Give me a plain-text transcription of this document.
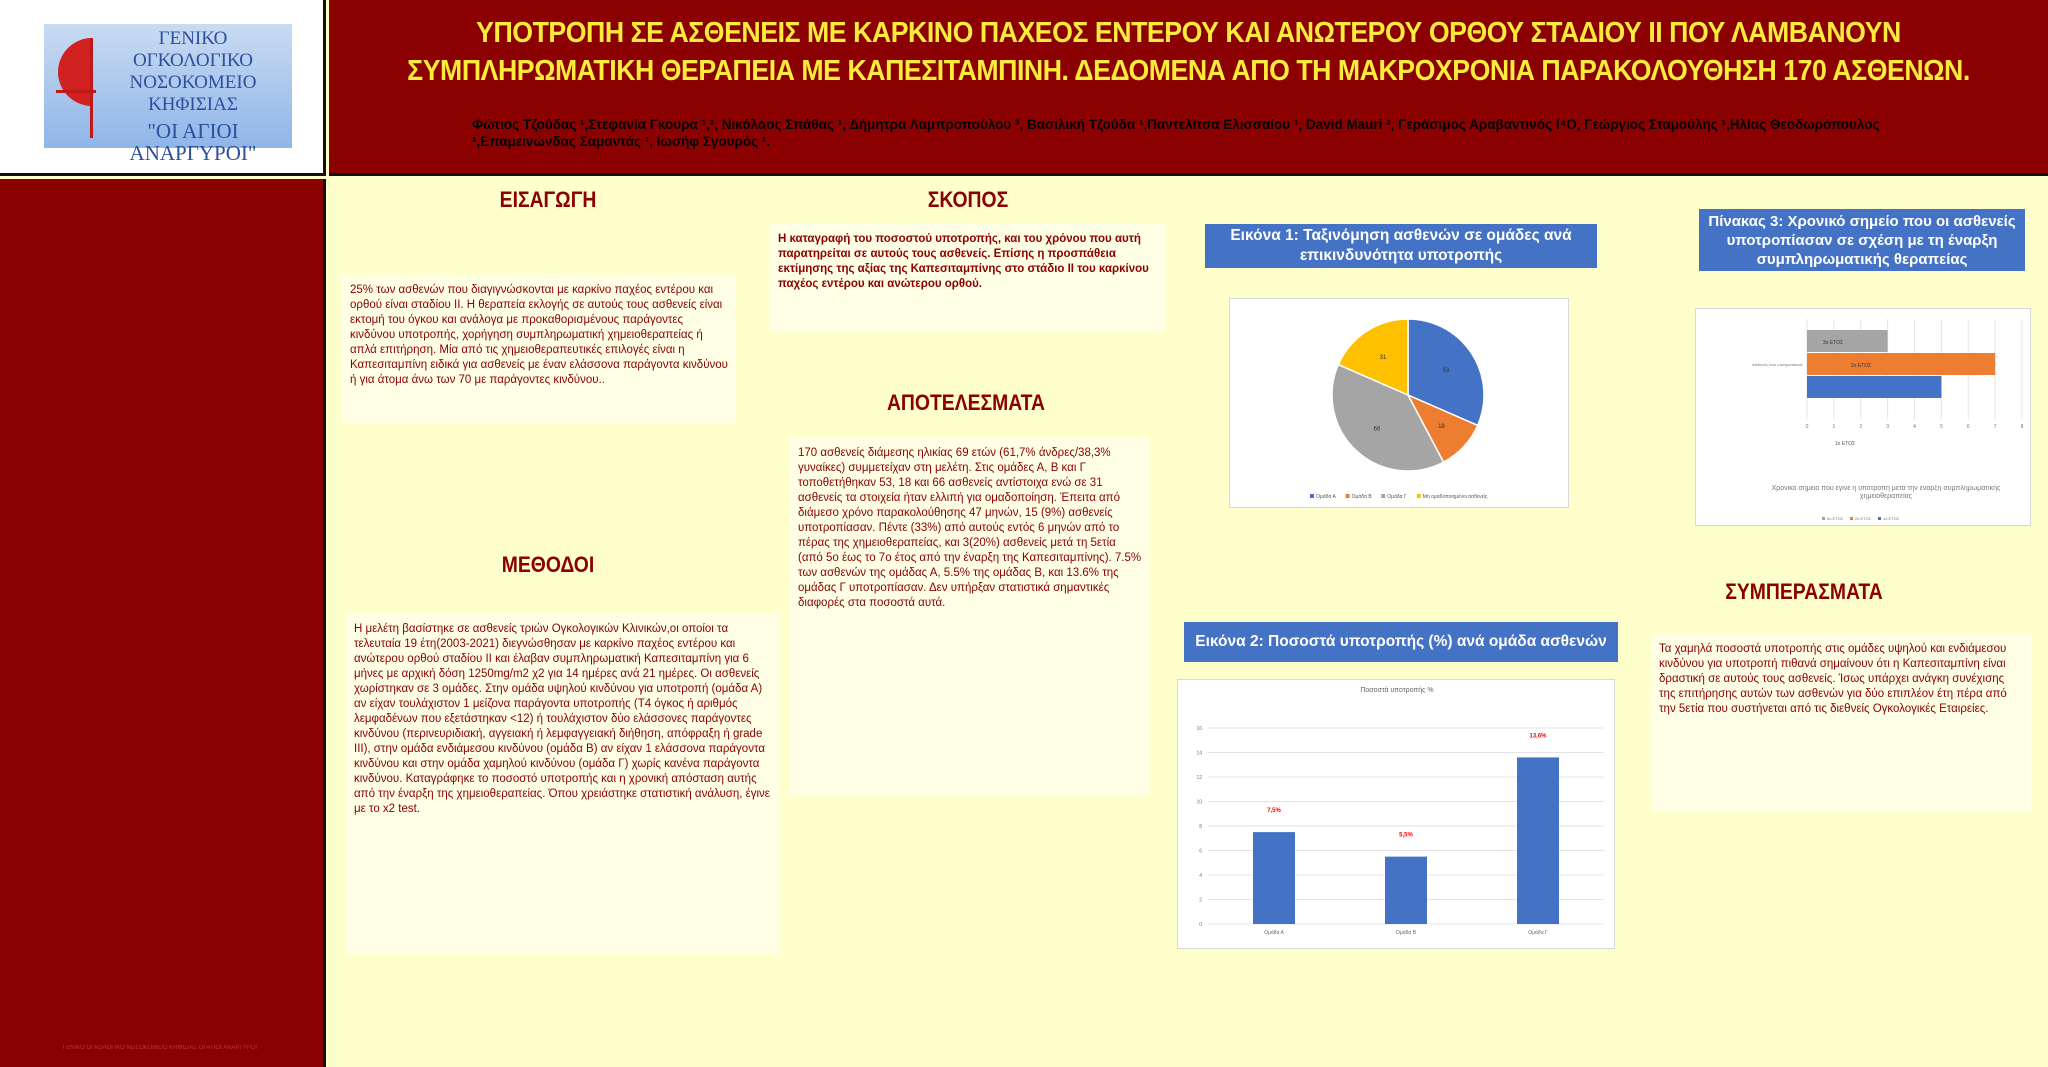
ΓΕΝΙΚΟ ΟΓΚΟΛΟΓΙΚΟ
ΝΟΣΟΚΟΜΕΙΟ ΚΗΦΙΣΙΑΣ
"ΟΙ ΑΓΙΟΙ ΑΝΑΡΓΥΡΟΙ"
ΥΠΟΤΡΟΠΗ ΣΕ ΑΣΘΕΝΕΙΣ ΜΕ ΚΑΡΚΙΝΟ ΠΑΧΕΟΣ ΕΝΤΕΡΟΥ ΚΑΙ ΑΝΩΤΕΡΟΥ ΟΡΘΟΥ ΣΤΑΔΙΟΥ ΙΙ ΠΟΥ ΛΑΜΒΑΝΟΥΝ
ΣΥΜΠΛΗΡΩΜΑΤΙΚΗ ΘΕΡΑΠΕΙΑ ΜΕ ΚΑΠΕΣΙΤΑΜΠΙΝΗ. ΔΕΔΟΜΕΝΑ ΑΠΟ ΤΗ ΜΑΚΡΟΧΡΟΝΙΑ ΠΑΡΑΚΟΛΟΥΘΗΣΗ 170 ΑΣΘΕΝΩΝ.
Φώτιος Τζούδας ¹,Στεφανία Γκουρα ¹,², Νικόλαος Σπάθας ¹, Δήμητρα Λαμπροπούλου ³, Βασιλική Τζούδα ¹,Παντελίτσα Ελισσαίου ¹, David Mauri ², Γεράσιμος Αραβαντινός Ι⁴Ο, Γεώργιος Σταμούλης ¹,Ηλίας Θεοδωρόπουλος ¹,Επαμεινώνδας Σαμαντάς ¹, Ιωσήφ Σγουρός ¹.
ΓΕΝΙΚΟ ΟΓΚΟΛΟΓΙΚΟ ΝΟΣΟΚΟΜΕΙΟ ΚΗΦΙΣΙΑΣ ΟΙ ΑΓΙΟΙ ΑΝΑΡΓΥΡΟΙ
ΕΙΣΑΓΩΓΗ
25% των ασθενών που διαγιγνώσκονται με καρκίνο παχέος εντέρου και ορθού είναι σταδίου ΙΙ. Η θεραπεία εκλογής σε αυτούς τους ασθενείς είναι εκτομή του όγκου και ανάλογα με προκαθορισμένους παράγοντες κινδύνου υποτροπής, χορήγηση συμπληρωματική χημειοθεραπείας ή απλά επιτήρηση. Μία από τις χημειοθεραπευτικές επιλογές είναι η Καπεσιταμπίνη ειδικά για ασθενείς με έναν ελάσσονα παράγοντα κινδύνου ή για άτομα άνω των 70 με παράγοντες κινδύνου..
ΜΕΘΟΔΟΙ
Η μελέτη βασίστηκε σε ασθενείς τριών Ογκολογικών Κλινικών,οι οποίοι τα τελευταία 19 έτη(2003-2021) διεγνώσθησαν με καρκίνο παχέος εντέρου και ανώτερου ορθού σταδίου ΙΙ και έλαβαν συμπληρωματική Καπεσιταμπίνη για 6 μήνες με αρχική δόση 1250mg/m2 χ2 για 14 ημέρες ανά 21 ημέρες. Οι ασθενείς χωρίστηκαν σε 3 ομάδες. Στην ομάδα υψηλού κινδύνου για υποτροπή (ομάδα Α) αν είχαν τουλάχιστον 1 μείζονα παράγοντα υποτροπής (Τ4 όγκος ή αριθμός λεμφαδένων που εξετάστηκαν <12) ή τουλάχιστον δύο ελάσσονες παράγοντες κινδύνου (περινευριδιακή, αγγειακή ή λεμφαγγειακή διήθηση, απόφραξη ή grade III), στην ομάδα ενδιάμεσου κινδύνου (ομάδα Β) αν είχαν 1 ελάσσονα παράγοντα κινδύνου και στην ομάδα χαμηλού κινδύνου (ομάδα Γ) χωρίς κανένα παράγοντα κινδύνου. Καταγράφηκε το ποσοστό υποτροπής και η χρονική απόσταση αυτής από την έναρξη της χημειοθεραπείας. Όπου χρειάστηκε στατιστική ανάλυση, έγινε με το x2 test.
ΣΚΟΠΟΣ
Η καταγραφή του ποσοστού υποτροπής, και του χρόνου που αυτή παρατηρείται σε αυτούς τους ασθενείς. Επίσης η προσπάθεια εκτίμησης της αξίας της Καπεσιταμπίνης στο στάδιο ΙΙ του καρκίνου παχέος εντέρου και ανώτερου ορθού.
ΑΠΟΤΕΛΕΣΜΑΤΑ
170 ασθενείς διάμεσης ηλικίας 69 ετών (61,7% άνδρες/38,3% γυναίκες) συμμετείχαν στη μελέτη. Στις ομάδες Α, Β και Γ τοποθετήθηκαν 53, 18 και 66 ασθενείς αντίστοιχα ενώ σε 31 ασθενείς τα στοιχεία ήταν ελλιπή για ομαδοποίηση. Έπειτα από διάμεσο χρόνο παρακολούθησης 47 μηνών, 15 (9%) ασθενείς υποτροπίασαν. Πέντε (33%) από αυτούς εντός 6 μηνών από το πέρας της χημειοθεραπείας, και 3(20%) ασθενείς μετά τη 5ετία (από 5ο έως το 7ο έτος από την έναρξη της Καπεσιταμπίνης). 7.5% των ασθενών της ομάδας Α, 5.5% της ομάδας Β, και 13.6% της ομάδας Γ υποτροπίασαν. Δεν υπήρξαν στατιστικά σημαντικές διαφορές στα ποσοστά αυτά.
Εικόνα 1: Ταξινόμηση ασθενών σε ομάδες ανά επικινδυνότητα υποτροπής
53
18
66
31
Ομάδα Α	Ομάδα Β	Ομάδα Γ	Μη ομαδοποιημένοι ασθενείς
Εικόνα 2: Ποσοστά υποτροπής (%) ανά ομάδα ασθενών
Ποσοστά υποτροπής %
0
2
4
6
8
10
12
14
16
7,5%
Ομάδα Α
5,5%
Ομάδα Β
13,6%
Ομάδα Γ
Πίνακας 3: Χρονικό σημείο που οι ασθενείς υποτροπίασαν σε σχέση με τη έναρξη συμπληρωματικής θεραπείας
0	1	2	3	4	5	6	7	8
Ασθενείς που υποτροπίασαν
3ο ΕΤΟΣ
2ο ΕΤΟΣ
1ο ΕΤΟΣ
Χρονικό σημείο που έγινε η υποτροπή μετά την έναρξη συμπληρωματικής χημειοθεραπείας
3ο ΕΤΟΣ	2ο ΕΤΟΣ	1ο ΕΤΟΣ
ΣΥΜΠΕΡΑΣΜΑΤΑ
Τα χαμηλά ποσοστά υποτροπής στις ομάδες υψηλού και ενδιάμεσου κινδύνου για υποτροπή πιθανά σημαίνουν ότι η Καπεσιταμπίνη είναι δραστική σε αυτούς τους ασθενείς. Ίσως υπάρχει ανάγκη συνέχισης της επιτήρησης αυτών των ασθενών για δύο επιπλέον έτη πέρα από την 5ετία που συστήνεται από τις διεθνείς Ογκολογικές Εταιρείες.
